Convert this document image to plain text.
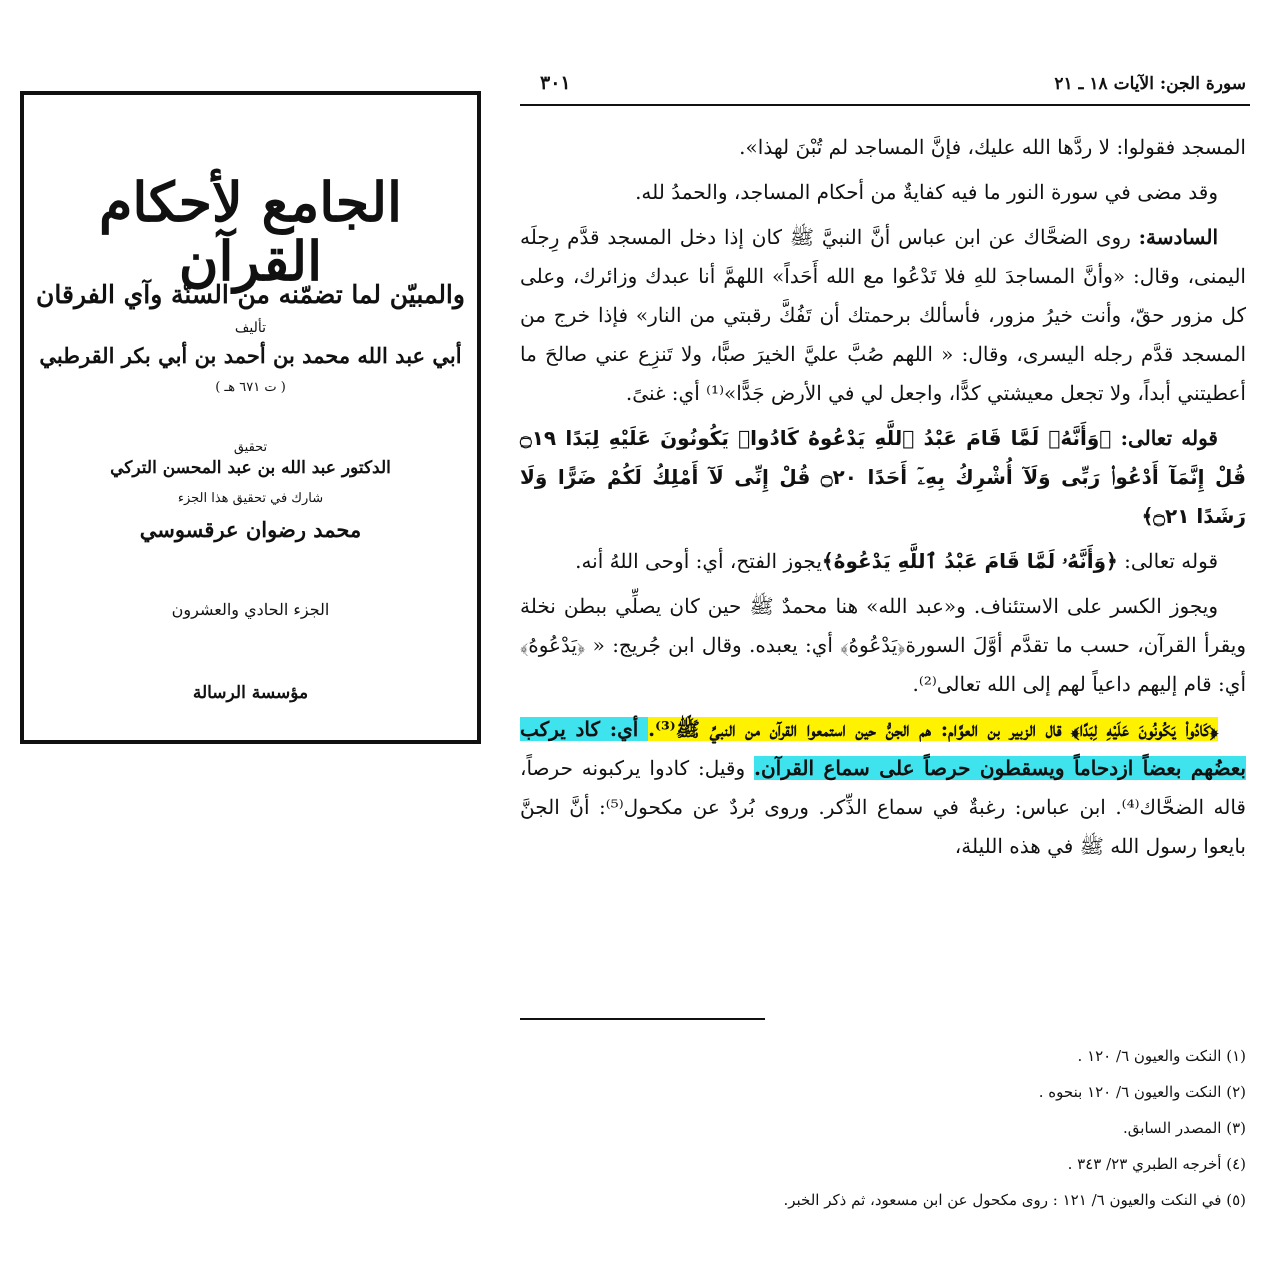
الجامع لأحكام القرآن
والمبيّن لما تضمّنه من السنّة وآي الفرقان
تأليف
أبي عبد الله محمد بن أحمد بن أبي بكر القرطبي
( ت ٦٧١ هـ )
تحقيق
الدكتور عبد الله بن عبد المحسن التركي
شارك في تحقيق هذا الجزء
محمد رضوان عرقسوسي
الجزء الحادي والعشرون
مؤسسة الرسالة
سورة الجن: الآيات ١٨ ـ ٢١
٣٠١

المسجد فقولوا: لا ردَّها الله عليك، فإنَّ المساجد لم تُبْنَ لهذا».

وقد مضى في سورة النور ما فيه كفايةٌ من أحكام المساجد، والحمدُ لله.

السادسة: روى الضحَّاك عن ابن عباس أنَّ النبيَّ ﷺ كان إذا دخل المسجد قدَّم رِجلَه اليمنى، وقال: «وأنَّ المساجدَ للهِ فلا تَدْعُوا مع الله أَحَداً» اللهمَّ أنا عبدك وزائرك، وعلى كل مزور حقّ، وأنت خيرُ مزور، فأسألك برحمتك أن تَفُكَّ رقبتي من النار» فإذا خرج من المسجد قدَّم رجله اليسرى، وقال: « اللهم صُبَّ عليَّ الخيرَ صبًّا، ولا تَنزِع عني صالحَ ما أعطيتني أبداً، ولا تجعل معيشتي كدًّا، واجعل لي في الأرض جَدًّا»⁽¹⁾ أي: غنىً.

قوله تعالى: ﴿وَأَنَّهُۥ لَمَّا قَامَ عَبْدُ ٱللَّهِ يَدْعُوهُ كَادُوا۟ يَكُونُونَ عَلَيْهِ لِبَدًا ۝١٩ قُلْ إِنَّمَآ أَدْعُوا۟ رَبِّى وَلَآ أُشْرِكُ بِهِۦٓ أَحَدًا ۝٢٠ قُلْ إِنِّى لَآ أَمْلِكُ لَكُمْ ضَرًّا وَلَا رَشَدًا ۝٢١﴾

قوله تعالى: ﴿وَأَنَّهُۥ لَمَّا قَامَ عَبْدُ ٱللَّهِ يَدْعُوهُ﴾يجوز الفتح، أي: أوحى اللهُ أنه.

ويجوز الكسر على الاستئناف. و«عبد الله» هنا محمدٌ ﷺ حين كان يصلِّي ببطن نخلة ويقرأ القرآن، حسب ما تقدَّم أوَّلَ السورة﴿يَدْعُوهُ﴾ أي: يعبده. وقال ابن جُريج: « ﴿يَدْعُوهُ﴾ أي: قام إليهم داعياً لهم إلى الله تعالى⁽²⁾.

﴿كَادُوا۟ يَكُونُونَ عَلَيْهِ لِبَدًا﴾ قال الزبير بن العوَّام: هم الجنُّ حين استمعوا القرآن من النبيِّ ﷺ⁽³⁾. أي: كاد يركب بعضُهم بعضاً ازدحاماً ويسقطون حرصاً على سماع القرآن. وقيل: كادوا يركبونه حرصاً، قاله الضحَّاك⁽⁴⁾. ابن عباس: رغبةٌ في سماع الذِّكر. وروى بُردٌ عن مكحول⁽⁵⁾: أنَّ الجنَّ بايعوا رسول الله ﷺ في هذه الليلة،

(١) النكت والعيون ٦/ ١٢٠ .
(٢) النكت والعيون ٦/ ١٢٠ بنحوه .
(٣) المصدر السابق.
(٤) أخرجه الطبري ٢٣/ ٣٤٣ .
(٥) في النكت والعيون ٦/ ١٢١ : روى مكحول عن ابن مسعود، ثم ذكر الخبر.
